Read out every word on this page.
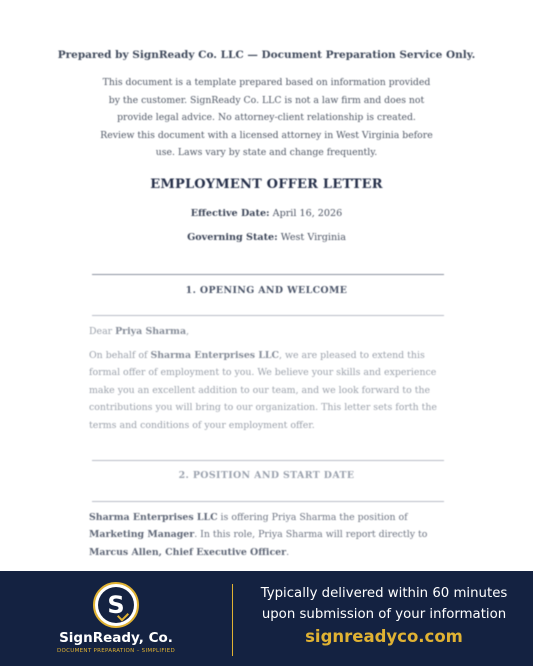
Prepared by SignReady Co. LLC — Document Preparation Service Only.
This document is a template prepared based on information provided by the customer. SignReady Co. LLC is not a law firm and does not provide legal advice. No attorney-client relationship is created. Review this document with a licensed attorney in West Virginia before use. Laws vary by state and change frequently.
EMPLOYMENT OFFER LETTER
Effective Date: April 16, 2026
Governing State: West Virginia
1. OPENING AND WELCOME
Dear Priya Sharma,
On behalf of Sharma Enterprises LLC, we are pleased to extend this formal offer of employment to you. We believe your skills and experience make you an excellent addition to our team, and we look forward to the contributions you will bring to our organization. This letter sets forth the terms and conditions of your employment offer.
2. POSITION AND START DATE
Sharma Enterprises LLC is offering Priya Sharma the position of Marketing Manager. In this role, Priya Sharma will report directly to Marcus Allen, Chief Executive Officer.
S
SignReady, Co.
DOCUMENT PREPARATION – SIMPLIFIED
Typically delivered within 60 minutes
upon submission of your information
signreadyco.com
